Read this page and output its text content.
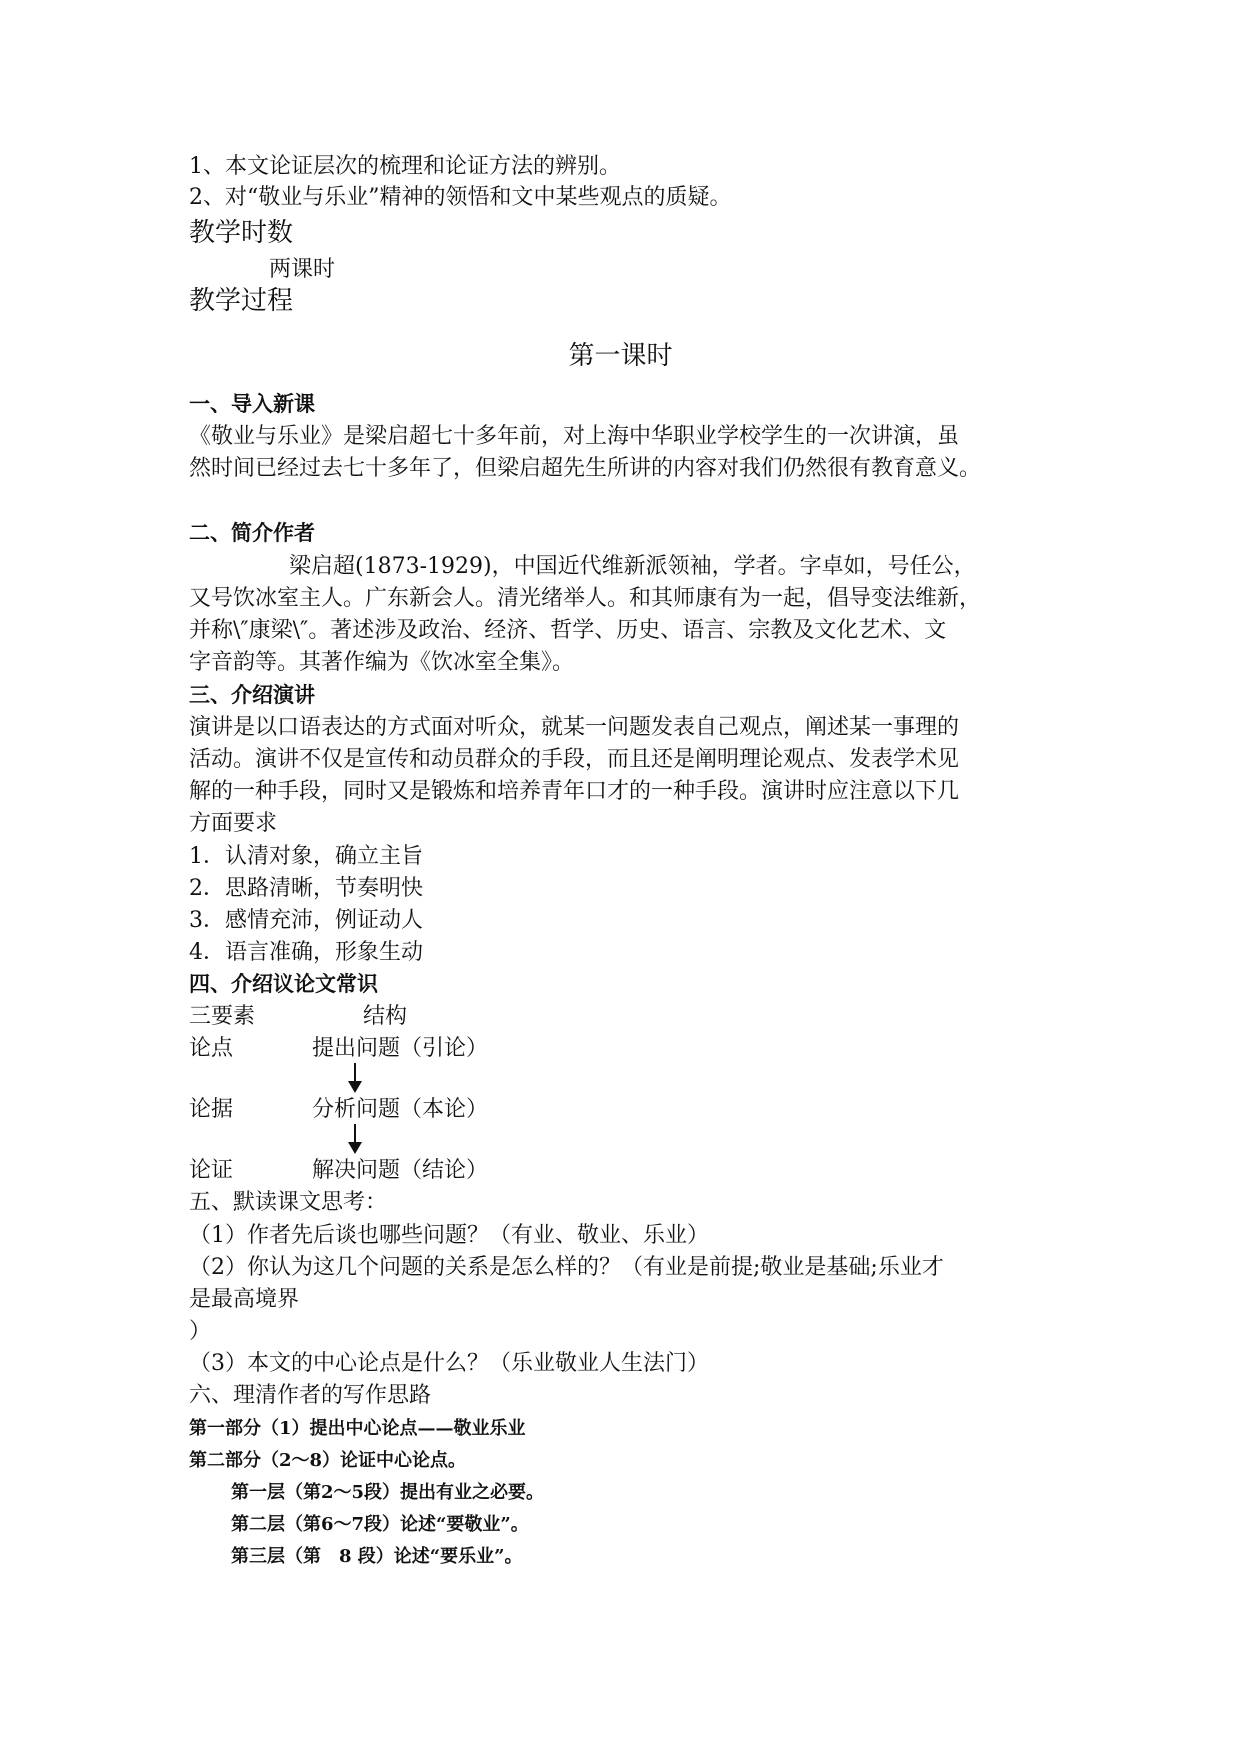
1、本文论证层次的梳理和论证方法的辨别。
2、对“敬业与乐业”精神的领悟和文中某些观点的质疑。
教学时数
两课时
教学过程
第一课时
一、导入新课
《敬业与乐业》是梁启超七十多年前，对上海中华职业学校学生的一次讲演，虽
然时间已经过去七十多年了，但梁启超先生所讲的内容对我们仍然很有教育意义。
二、简介作者
梁启超(1873-1929)，中国近代维新派领袖，学者。字卓如，号任公，
又号饮冰室主人。广东新会人。清光绪举人。和其师康有为一起，倡导变法维新，
并称\″康梁\″。著述涉及政治、经济、哲学、历史、语言、宗教及文化艺术、文
字音韵等。其著作编为《饮冰室全集》。
三、介绍演讲
演讲是以口语表达的方式面对听众，就某一问题发表自己观点，阐述某一事理的
活动。演讲不仅是宣传和动员群众的手段，而且还是阐明理论观点、发表学术见
解的一种手段，同时又是锻炼和培养青年口才的一种手段。演讲时应注意以下几
方面要求
1．认清对象，确立主旨
2．思路清晰，节奏明快
3．感情充沛，例证动人
4．语言准确，形象生动
四、介绍议论文常识
三要素	结构
论点	提出问题（引论）
论据	分析问题（本论）
论证	解决问题（结论）
五、默读课文思考：
（1）作者先后谈也哪些问题？（有业、敬业、乐业）
（2）你认为这几个问题的关系是怎么样的？（有业是前提;敬业是基础;乐业才
是最高境界
）
（3）本文的中心论点是什么？（乐业敬业人生法门）
六、理清作者的写作思路
第一部分（1）提出中心论点——敬业乐业
第二部分（2～8）论证中心论点。
第一层（第2～5段）提出有业之必要。
第二层（第6～7段）论述“要敬业”。
第三层（第　8 段）论述“要乐业”。
